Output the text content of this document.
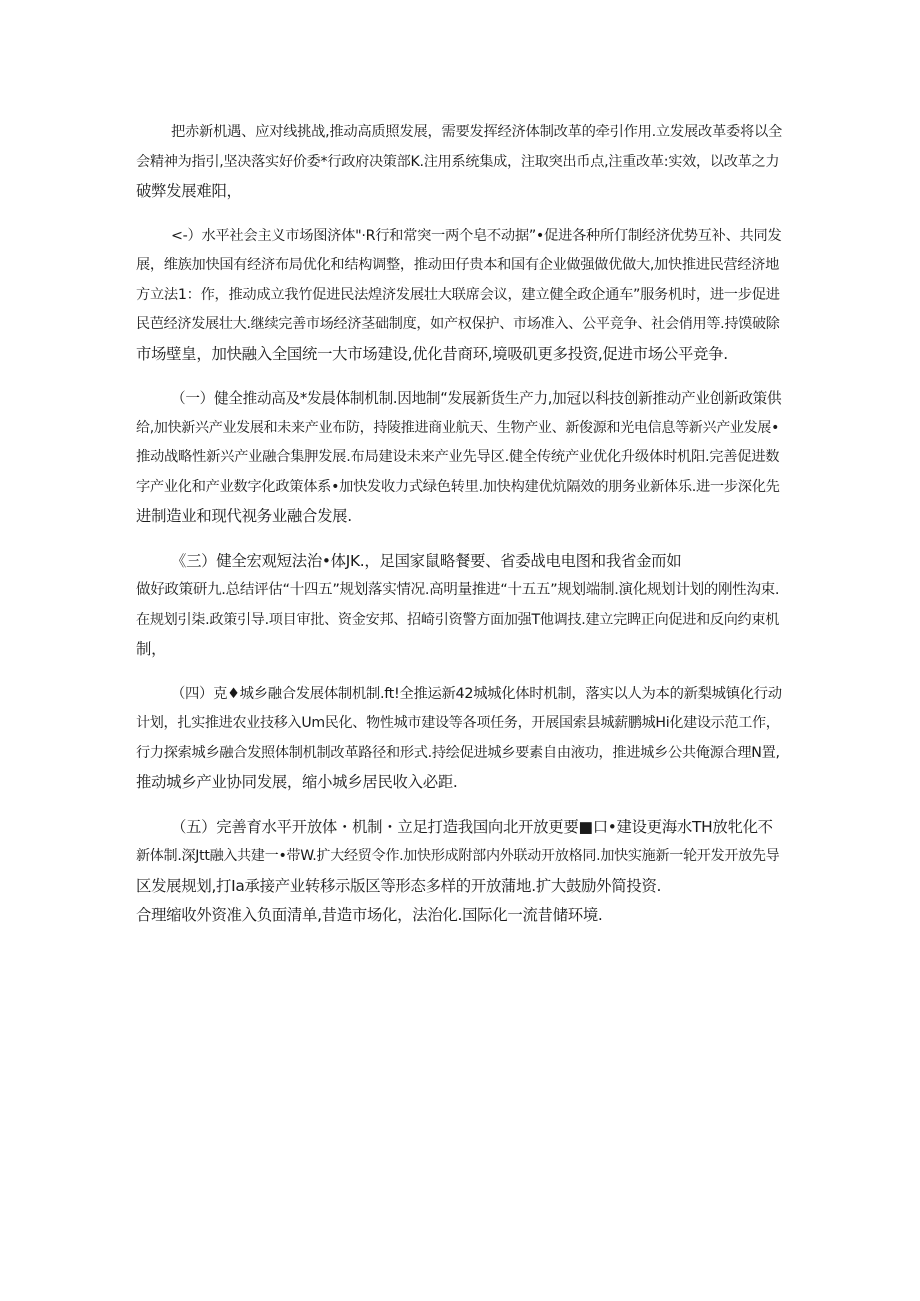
把赤新机遇、应对线挑战,推动高质照发展，需要发挥经济体制改革的牵引作用.立发展改革委将以全
会精神为指引,坚决落实好价委*行政府决策部K.注用系统集成，注取突出币点,注重改革:实效，以改革之力
破弊发展难阳，

<-）水平社会主义市场图济体"·R行和常突一两个皂不动据”•促进各种所仃制经济优势互补、共同发
展，维族加快国有经济布局优化和结构调整，推动田仔贵本和国有企业做强做优做大,加快推进民营经济地
方立法1：作，推动成立我竹促进民法煌济发展壮大联席会议，建立健全政企通车”服务机时，进一步促进
民芭经济发展壮大.继续完善市场经济茎础制度，如产权保护、市场准入、公平竞争、社会俏用等.持馍破除
市场壁皇，加快融入全国统一大市场建设,优化昔商环,境吸矶更多投资,促进市场公平竞争.

（一）健全推动高及*发晨体制机制.因地制“发展新货生产力,加冠以科技创新推动产业创新政策供
给,加快新兴产业发展和未来产业布防，持陵推进商业航天、生物产业、新俊源和光电信息等新兴产业发展•
推动战略性新兴产业融合集胛发展.布局建设未来产业先导区.健全传统产业优化升级体时机阳.完善促进数
字产业化和产业数字化政策体系•加快发收力式绿色转里.加快构建优炕隔效的朋务业新体乐.进一步深化先
进制造业和现代视务业融合发展.

《三）健全宏观短法治•体JK.，足国家鼠略餐要、省委战电电图和我省金而如
做好政策研九.总结评估“十四五”规划落实情况.高明量推进“十五五”规划端制.演化规划计划的刚性沟束.
在规划引柒.政策引导.项目审批、资金安邦、招崎引资警方面加强T他调技.建立完睥正向促进和反向约束机
制，

（四）克♦城乡融合发展体制机制.ft!全推运新42城城化体时机制，落实以人为本的新梨城镇化行动
计划，扎实推进农业技移入Um民化、物性城市建设等各项任务，开展国索县城薪鹏城Hi化建设示范工作，
行力探索城乡融合发照体制机制改革路径和形式.持绘促进城乡要素自由液功，推进城乡公共俺源合理N置,
推动城乡产业协同发展，缩小城乡居民收入必距.

（五）完善育水平开放体・机制・立足打造我国向北开放更要■口•建设更海水TH放牝化不
新体制.深Jtt融入共建一•带W.扩大经贸令作.加快形成附部内外联动开放格同.加快实施新一轮开发开放先导
区发展规划,打Ia承接产业转移示版区等形态多样的开放蒲地.扩大鼓励外简投资.
合理缩收外资准入负面清单,昔造市场化，法治化.国际化一流昔储环境.
